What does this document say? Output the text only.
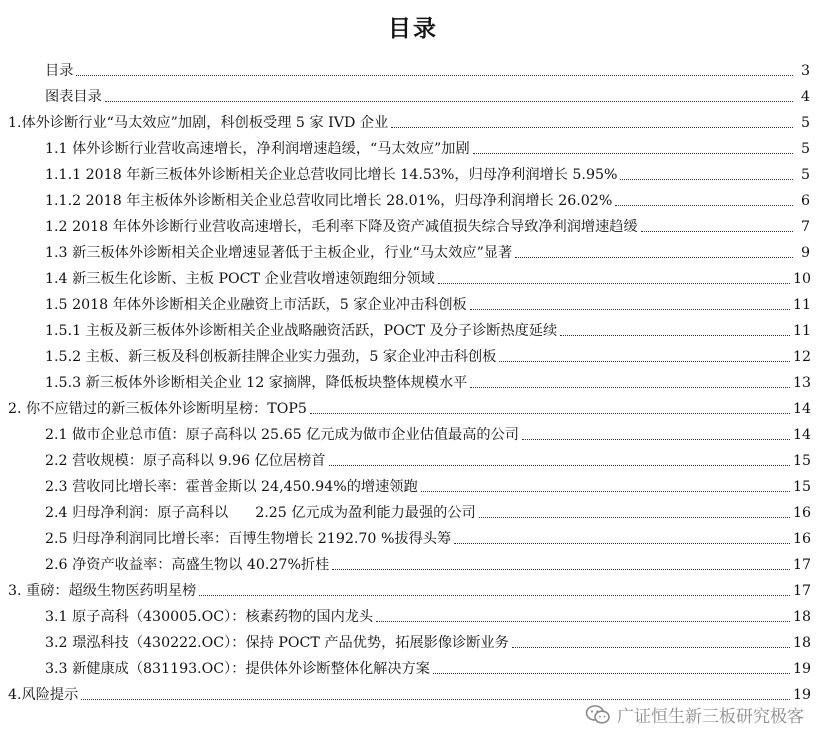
目录
目录	3
图表目录	4
1.体外诊断行业“马太效应”加剧，科创板受理 5 家 IVD 企业	5
1.1 体外诊断行业营收高速增长，净利润增速趋缓，“马太效应”加剧	5
1.1.1 2018 年新三板体外诊断相关企业总营收同比增长 14.53%，归母净利润增长 5.95%	5
1.1.2 2018 年主板体外诊断相关企业总营收同比增长 28.01%，归母净利润增长 26.02%	6
1.2 2018 年体外诊断行业营收高速增长，毛利率下降及资产减值损失综合导致净利润增速趋缓	7
1.3 新三板体外诊断相关企业增速显著低于主板企业，行业“马太效应”显著	9
1.4 新三板生化诊断、主板 POCT 企业营收增速领跑细分领域	10
1.5 2018 年体外诊断相关企业融资上市活跃，5 家企业冲击科创板	11
1.5.1 主板及新三板体外诊断相关企业战略融资活跃，POCT 及分子诊断热度延续	11
1.5.2 主板、新三板及科创板新挂牌企业实力强劲，5 家企业冲击科创板	12
1.5.3 新三板体外诊断相关企业 12 家摘牌，降低板块整体规模水平	13
2. 你不应错过的新三板体外诊断明星榜：TOP5	14
2.1 做市企业总市值：原子高科以 25.65 亿元成为做市企业估值最高的公司	14
2.2 营收规模：原子高科以 9.96 亿位居榜首	15
2.3 营收同比增长率：霍普金斯以 24,450.94%的增速领跑	15
2.4 归母净利润：原子高科以      2.25 亿元成为盈利能力最强的公司	16
2.5 归母净利润同比增长率：百博生物增长 2192.70 %拔得头筹	16
2.6 净资产收益率：高盛生物以 40.27%折桂	17
3. 重磅：超级生物医药明星榜	17
3.1 原子高科（430005.OC）：核素药物的国内龙头	18
3.2 璟泓科技（430222.OC）：保持 POCT 产品优势，拓展影像诊断业务	18
3.3 新健康成（831193.OC）：提供体外诊断整体化解决方案	19
4.风险提示	19
广证恒生新三板研究极客
